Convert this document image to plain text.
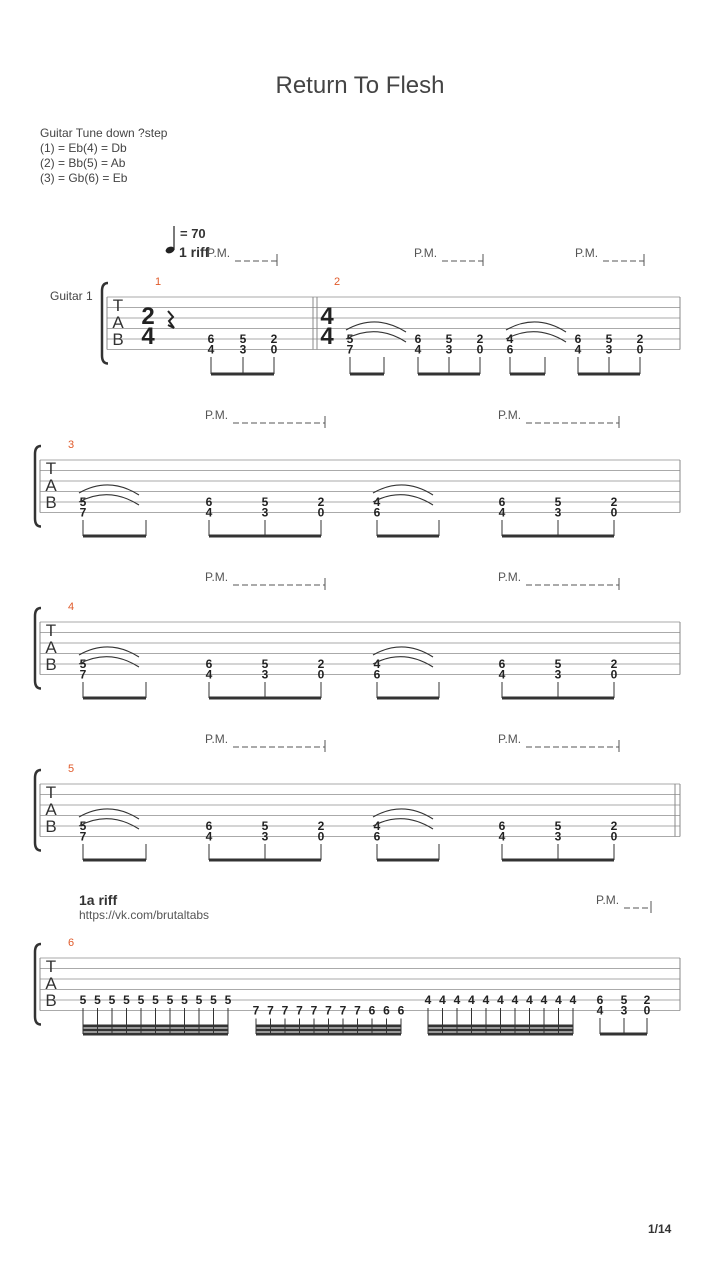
Return To Flesh
Guitar Tune down ?step
(1) = Eb(4) = Db
(2) = Bb(5) = Ab
(3) = Gb(6) = Eb
= 70
1 riff
1a riff
https://vk.com/brutaltabs
Guitar 1
1/14
T
A
B
1	2
2
4
4
4
6
4
5
3
2
0
5
7
6
4
5
3
2
0
4
6
6
4
5
3
2
0
P.M.	P.M.	P.M.
T
A
B
3
5
7
6
4
5
3
2
0
4
6
6
4
5
3
2
0
P.M.	P.M.
T
A
B
4
5
7
6
4
5
3
2
0
4
6
6
4
5
3
2
0
P.M.	P.M.
T
A
B
5
5
7
6
4
5
3
2
0
4
6
6
4
5
3
2
0
P.M.	P.M.
T
A
B
6
P.M.
5 5 5 5 5 5 5 5 5 5 5
7 7 7 7 7 7 7 7 6 6 6
4 4 4 4 4 4 4 4 4 4 4 6
4
5
3
2
0
